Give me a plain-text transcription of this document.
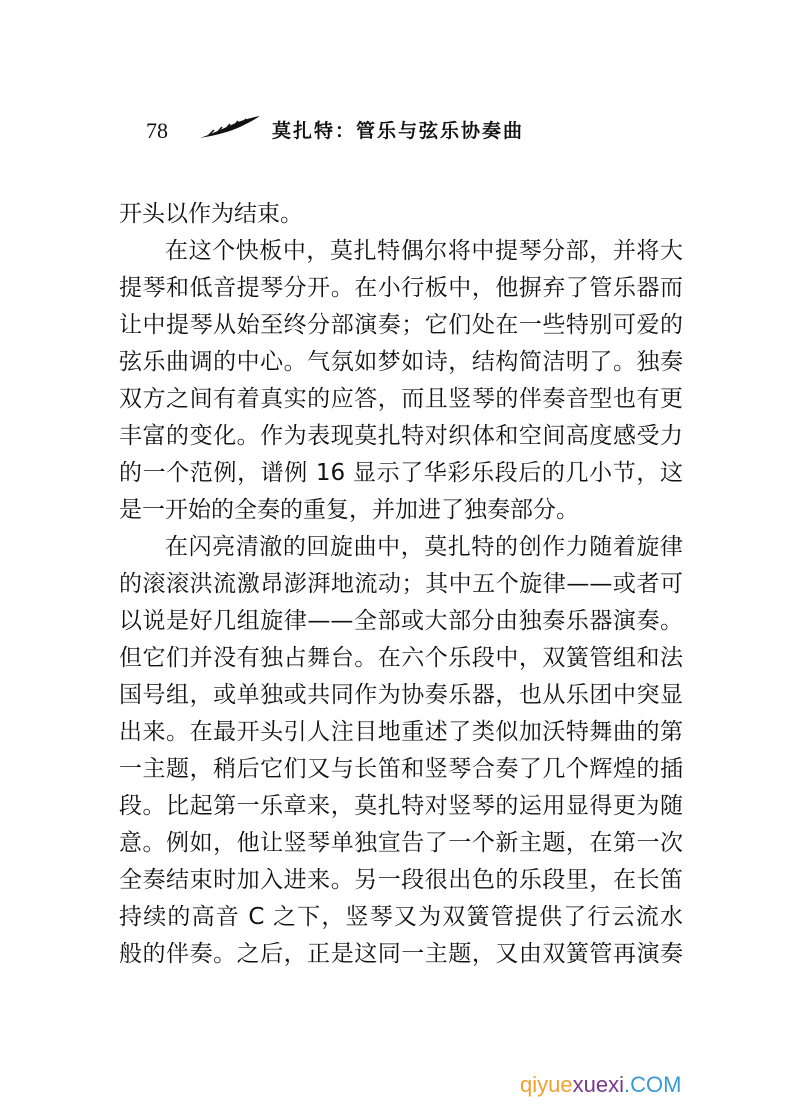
78	莫扎特：管乐与弦乐协奏曲
开头以作为结束。
在这个快板中，莫扎特偶尔将中提琴分部，并将大
提琴和低音提琴分开。在小行板中，他摒弃了管乐器而
让中提琴从始至终分部演奏；它们处在一些特别可爱的
弦乐曲调的中心。气氛如梦如诗，结构简洁明了。独奏
双方之间有着真实的应答，而且竖琴的伴奏音型也有更
丰富的变化。作为表现莫扎特对织体和空间高度感受力
的一个范例，谱例 16 显示了华彩乐段后的几小节，这
是一开始的全奏的重复，并加进了独奏部分。
在闪亮清澈的回旋曲中，莫扎特的创作力随着旋律
的滚滚洪流激昂澎湃地流动；其中五个旋律——或者可
以说是好几组旋律——全部或大部分由独奏乐器演奏。
但它们并没有独占舞台。在六个乐段中，双簧管组和法
国号组，或单独或共同作为协奏乐器，也从乐团中突显
出来。在最开头引人注目地重述了类似加沃特舞曲的第
一主题，稍后它们又与长笛和竖琴合奏了几个辉煌的插
段。比起第一乐章来，莫扎特对竖琴的运用显得更为随
意。例如，他让竖琴单独宣告了一个新主题，在第一次
全奏结束时加入进来。另一段很出色的乐段里，在长笛
持续的高音 C 之下，竖琴又为双簧管提供了行云流水
般的伴奏。之后，正是这同一主题，又由双簧管再演奏
qiyuexuexi.COM
